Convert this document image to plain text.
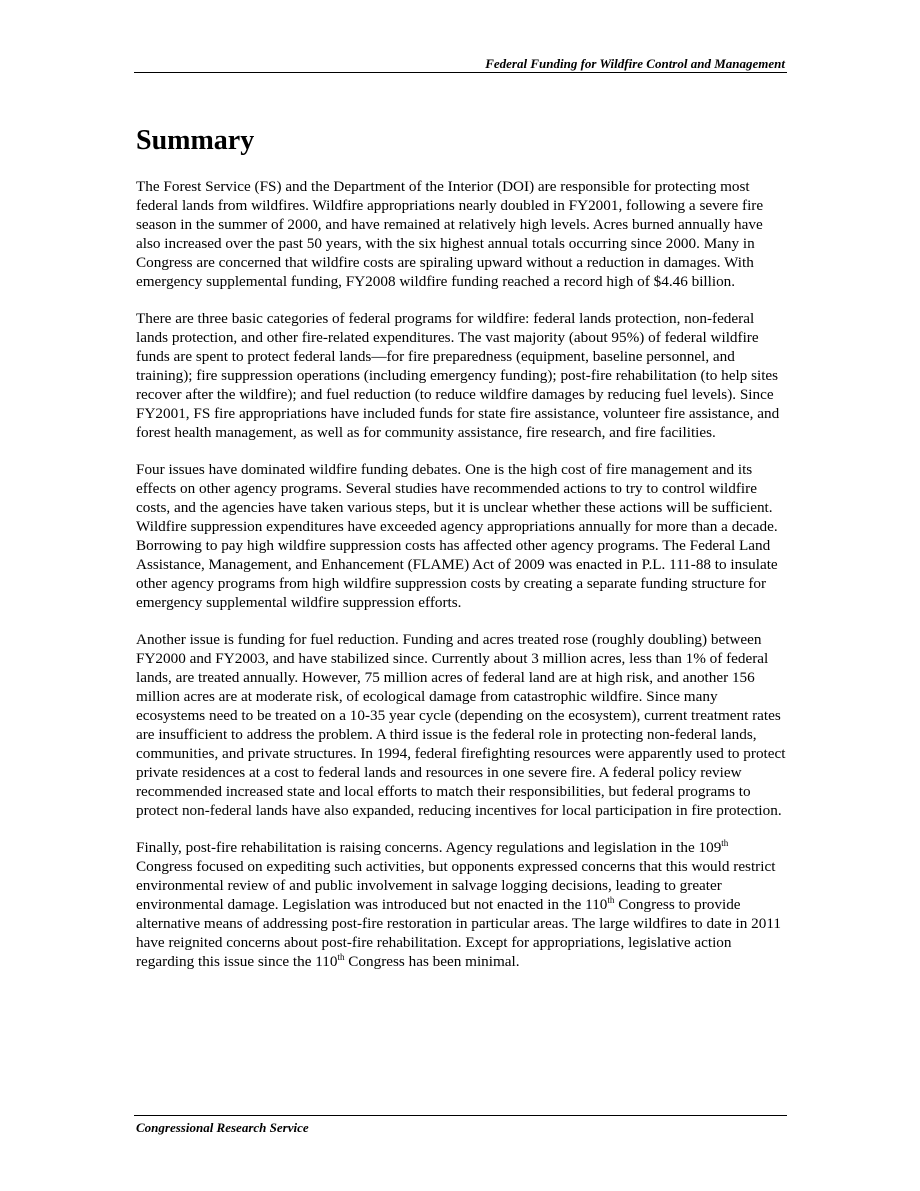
Federal Funding for Wildfire Control and Management
Summary

The Forest Service (FS) and the Department of the Interior (DOI) are responsible for protecting most federal lands from wildfires. Wildfire appropriations nearly doubled in FY2001, following a severe fire season in the summer of 2000, and have remained at relatively high levels. Acres burned annually have also increased over the past 50 years, with the six highest annual totals occurring since 2000. Many in Congress are concerned that wildfire costs are spiraling upward without a reduction in damages. With emergency supplemental funding, FY2008 wildfire funding reached a record high of $4.46 billion.

There are three basic categories of federal programs for wildfire: federal lands protection, non-federal lands protection, and other fire-related expenditures. The vast majority (about 95%) of federal wildfire funds are spent to protect federal lands—for fire preparedness (equipment, baseline personnel, and training); fire suppression operations (including emergency funding); post-fire rehabilitation (to help sites recover after the wildfire); and fuel reduction (to reduce wildfire damages by reducing fuel levels). Since FY2001, FS fire appropriations have included funds for state fire assistance, volunteer fire assistance, and forest health management, as well as for community assistance, fire research, and fire facilities.

Four issues have dominated wildfire funding debates. One is the high cost of fire management and its effects on other agency programs. Several studies have recommended actions to try to control wildfire costs, and the agencies have taken various steps, but it is unclear whether these actions will be sufficient. Wildfire suppression expenditures have exceeded agency appropriations annually for more than a decade. Borrowing to pay high wildfire suppression costs has affected other agency programs. The Federal Land Assistance, Management, and Enhancement (FLAME) Act of 2009 was enacted in P.L. 111-88 to insulate other agency programs from high wildfire suppression costs by creating a separate funding structure for emergency supplemental wildfire suppression efforts.

Another issue is funding for fuel reduction. Funding and acres treated rose (roughly doubling) between FY2000 and FY2003, and have stabilized since. Currently about 3 million acres, less than 1% of federal lands, are treated annually. However, 75 million acres of federal land are at high risk, and another 156 million acres are at moderate risk, of ecological damage from catastrophic wildfire. Since many ecosystems need to be treated on a 10-35 year cycle (depending on the ecosystem), current treatment rates are insufficient to address the problem. A third issue is the federal role in protecting non-federal lands, communities, and private structures. In 1994, federal firefighting resources were apparently used to protect private residences at a cost to federal lands and resources in one severe fire. A federal policy review recommended increased state and local efforts to match their responsibilities, but federal programs to protect non-federal lands have also expanded, reducing incentives for local participation in fire protection.

Finally, post-fire rehabilitation is raising concerns. Agency regulations and legislation in the 109th Congress focused on expediting such activities, but opponents expressed concerns that this would restrict environmental review of and public involvement in salvage logging decisions, leading to greater environmental damage. Legislation was introduced but not enacted in the 110th Congress to provide alternative means of addressing post-fire restoration in particular areas. The large wildfires to date in 2011 have reignited concerns about post-fire rehabilitation. Except for appropriations, legislative action regarding this issue since the 110th Congress has been minimal.

Congressional Research Service
